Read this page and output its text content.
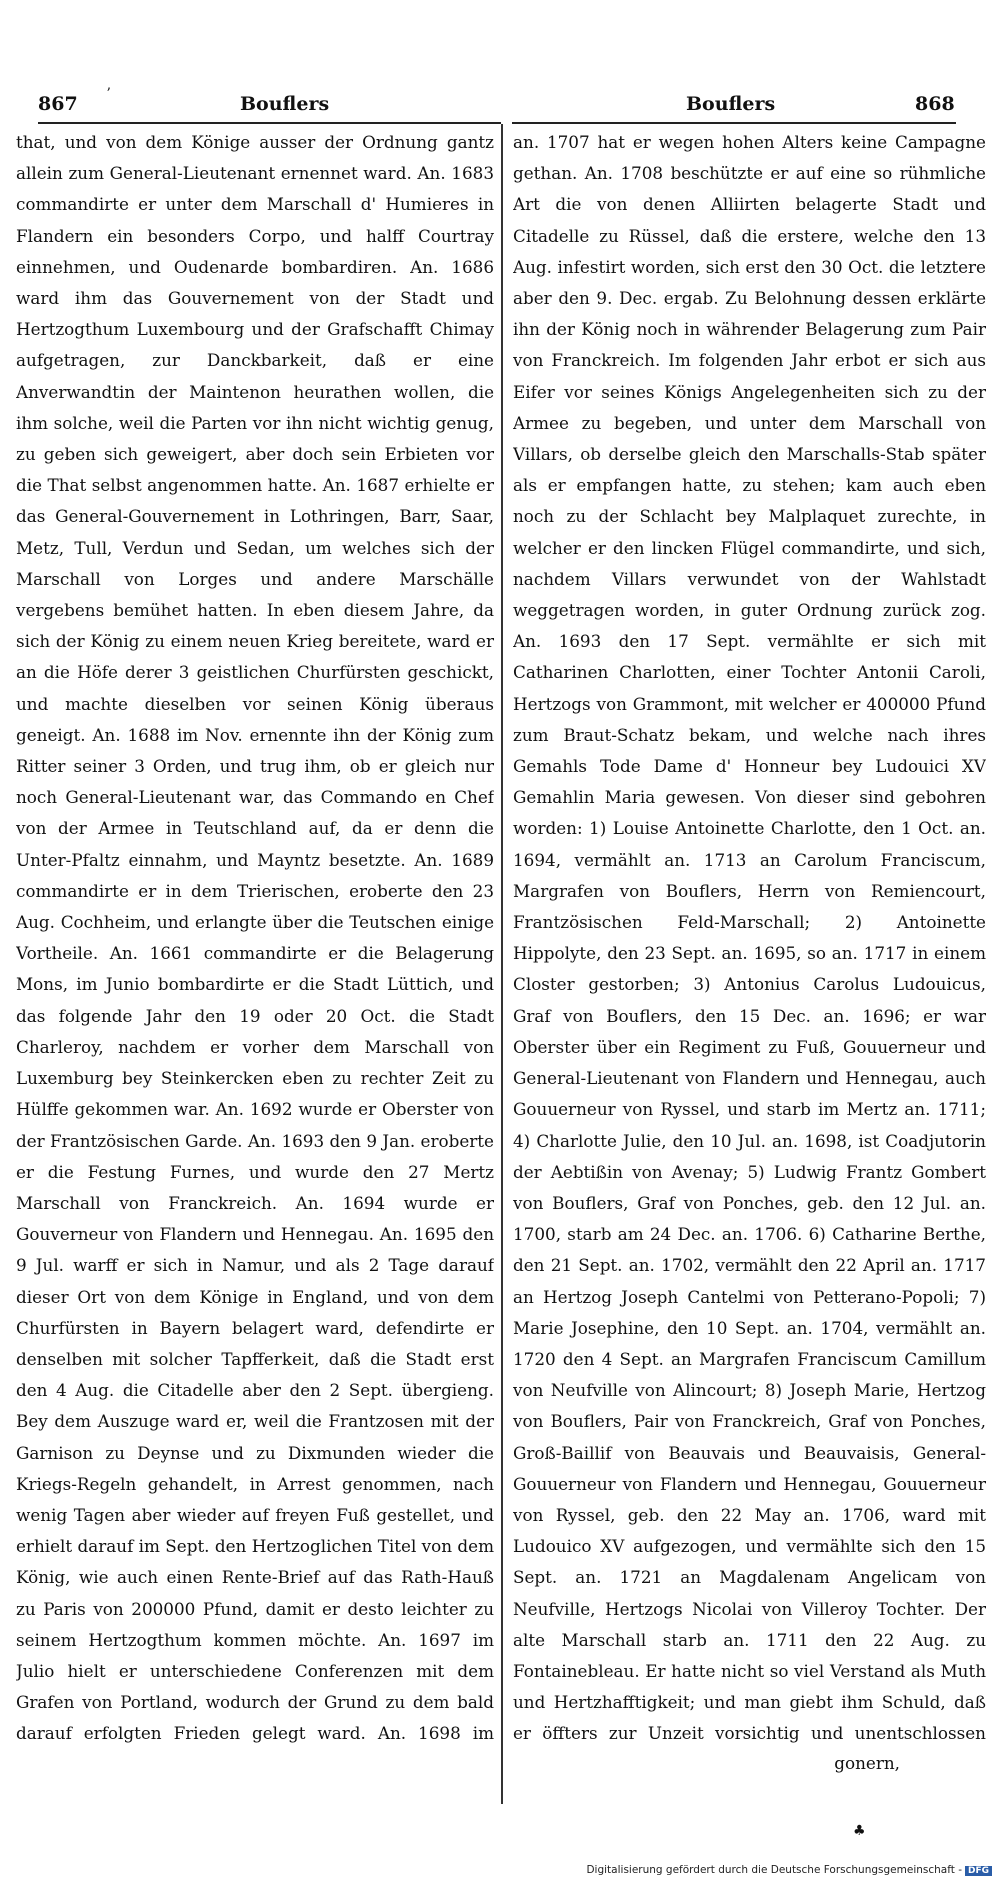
ʼ
867	Bouflers	Bouflers	868

that, und von dem Könige ausser der Ordnung gantz allein zum General-Lieutenant ernennet ward. An. 1683 commandirte er unter dem Marschall d' Humieres in Flandern ein besonders Corpo, und halff Courtray einnehmen, und Oudenarde bombardiren. An. 1686 ward ihm das Gouvernement von der Stadt und Hertzogthum Luxembourg und der Grafschafft Chimay aufgetragen, zur Danckbarkeit, daß er eine Anverwandtin der Maintenon heurathen wollen, die ihm solche, weil die Parten vor ihn nicht wichtig genug, zu geben sich geweigert, aber doch sein Erbieten vor die That selbst angenommen hatte. An. 1687 erhielte er das General-Gouvernement in Lothringen, Barr, Saar, Metz, Tull, Verdun und Sedan, um welches sich der Marschall von Lorges und andere Marschälle vergebens bemühet hatten. In eben diesem Jahre, da sich der König zu einem neuen Krieg bereitete, ward er an die Höfe derer 3 geistlichen Churfürsten geschickt, und machte dieselben vor seinen König überaus geneigt. An. 1688 im Nov. ernennte ihn der König zum Ritter seiner 3 Orden, und trug ihm, ob er gleich nur noch General-Lieutenant war, das Commando en Chef von der Armee in Teutschland auf, da er denn die Unter-Pfaltz einnahm, und Mayntz besetzte. An. 1689 commandirte er in dem Trierischen, eroberte den 23 Aug. Cochheim, und erlangte über die Teutschen einige Vortheile. An. 1661 commandirte er die Belagerung Mons, im Junio bombardirte er die Stadt Lüttich, und das folgende Jahr den 19 oder 20 Oct. die Stadt Charleroy, nachdem er vorher dem Marschall von Luxemburg bey Steinkercken eben zu rechter Zeit zu Hülffe gekommen war. An. 1692 wurde er Oberster von der Frantzösischen Garde. An. 1693 den 9 Jan. eroberte er die Festung Furnes, und wurde den 27 Mertz Marschall von Franckreich. An. 1694 wurde er Gouverneur von Flandern und Hennegau. An. 1695 den 9 Jul. warff er sich in Namur, und als 2 Tage darauf dieser Ort von dem Könige in England, und von dem Churfürsten in Bayern belagert ward, defendirte er denselben mit solcher Tapfferkeit, daß die Stadt erst den 4 Aug. die Citadelle aber den 2 Sept. übergieng. Bey dem Auszuge ward er, weil die Frantzosen mit der Garnison zu Deynse und zu Dixmunden wieder die Kriegs-Regeln gehandelt, in Arrest genommen, nach wenig Tagen aber wieder auf freyen Fuß gestellet, und erhielt darauf im Sept. den Hertzoglichen Titel von dem König, wie auch einen Rente-Brief auf das Rath-Hauß zu Paris von 200000 Pfund, damit er desto leichter zu seinem Hertzogthum kommen möchte. An. 1697 im Julio hielt er unterschiedene Conferenzen mit dem Grafen von Portland, wodurch der Grund zu dem bald darauf erfolgten Frieden gelegt ward. An. 1698 im

an. 1707 hat er wegen hohen Alters keine Campagne gethan. An. 1708 beschützte er auf eine so rühmliche Art die von denen Alliirten belagerte Stadt und Citadelle zu Rüssel, daß die erstere, welche den 13 Aug. infestirt worden, sich erst den 30 Oct. die letztere aber den 9. Dec. ergab. Zu Belohnung dessen erklärte ihn der König noch in währender Belagerung zum Pair von Franckreich. Im folgenden Jahr erbot er sich aus Eifer vor seines Königs Angelegenheiten sich zu der Armee zu begeben, und unter dem Marschall von Villars, ob derselbe gleich den Marschalls-Stab später als er empfangen hatte, zu stehen; kam auch eben noch zu der Schlacht bey Malplaquet zurechte, in welcher er den lincken Flügel commandirte, und sich, nachdem Villars verwundet von der Wahlstadt weggetragen worden, in guter Ordnung zurück zog. An. 1693 den 17 Sept. vermählte er sich mit Catharinen Charlotten, einer Tochter Antonii Caroli, Hertzogs von Grammont, mit welcher er 400000 Pfund zum Braut-Schatz bekam, und welche nach ihres Gemahls Tode Dame d' Honneur bey Ludouici XV Gemahlin Maria gewesen. Von dieser sind gebohren worden: 1) Louise Antoinette Charlotte, den 1 Oct. an. 1694, vermählt an. 1713 an Carolum Franciscum, Margrafen von Bouflers, Herrn von Remiencourt, Frantzösischen Feld-Marschall; 2) Antoinette Hippolyte, den 23 Sept. an. 1695, so an. 1717 in einem Closter gestorben; 3) Antonius Carolus Ludouicus, Graf von Bouflers, den 15 Dec. an. 1696; er war Oberster über ein Regiment zu Fuß, Gouuerneur und General-Lieutenant von Flandern und Hennegau, auch Gouuerneur von Ryssel, und starb im Mertz an. 1711; 4) Charlotte Julie, den 10 Jul. an. 1698, ist Coadjutorin der Aebtißin von Avenay; 5) Ludwig Frantz Gombert von Bouflers, Graf von Ponches, geb. den 12 Jul. an. 1700, starb am 24 Dec. an. 1706. 6) Catharine Berthe, den 21 Sept. an. 1702, vermählt den 22 April an. 1717 an Hertzog Joseph Cantelmi von Petterano-Popoli; 7) Marie Josephine, den 10 Sept. an. 1704, vermählt an. 1720 den 4 Sept. an Margrafen Franciscum Camillum von Neufville von Alincourt; 8) Joseph Marie, Hertzog von Bouflers, Pair von Franckreich, Graf von Ponches, Groß-Baillif von Beauvais und Beauvaisis, General-Gouuerneur von Flandern und Hennegau, Gouuerneur von Ryssel, geb. den 22 May an. 1706, ward mit Ludouico XV aufgezogen, und vermählte sich den 15 Sept. an. 1721 an Magdalenam Angelicam von Neufville, Hertzogs Nicolai von Villeroy Tochter. Der alte Marschall starb an. 1711 den 22 Aug. zu Fontainebleau. Er hatte nicht so viel Verstand als Muth und Hertzhafftigkeit; und man giebt ihm Schuld, daß er öffters zur Unzeit vorsichtig und unentschlossen

gonern,
♣
Digitalisierung gefördert durch die Deutsche Forschungsgemeinschaft - DFG
